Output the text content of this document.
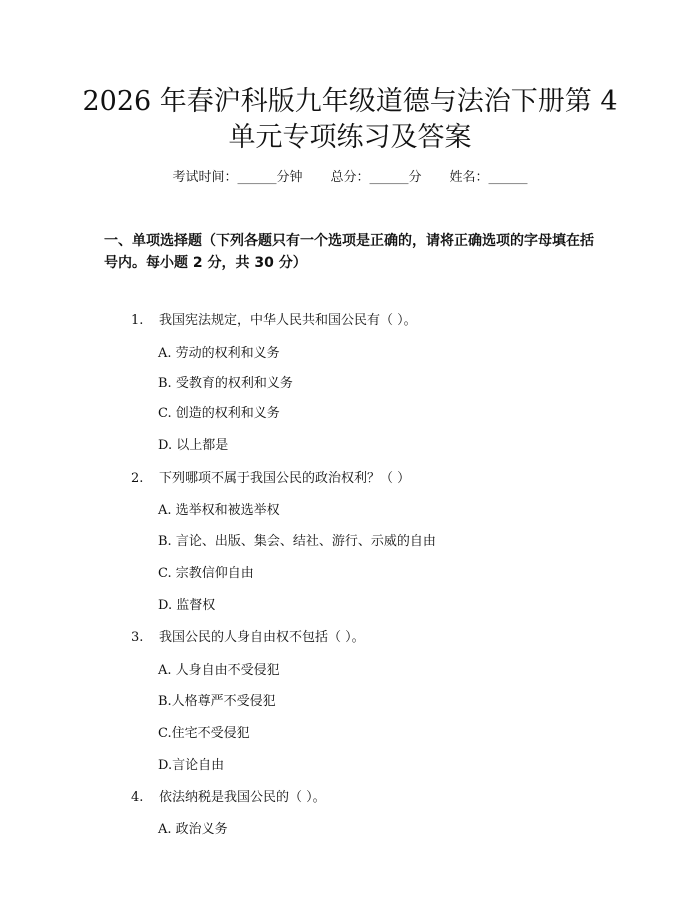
2026 年春沪科版九年级道德与法治下册第 4
单元专项练习及答案
考试时间：______分钟 总分：______分 姓名：______
一、单项选择题（下列各题只有一个选项是正确的，请将正确选项的字母填在括号内。每小题 2 分，共 30 分）
1. 我国宪法规定，中华人民共和国公民有（ ）。
A. 劳动的权利和义务
B. 受教育的权利和义务
C. 创造的权利和义务
D. 以上都是
2. 下列哪项不属于我国公民的政治权利？（ ）
A. 选举权和被选举权
B. 言论、出版、集会、结社、游行、示威的自由
C. 宗教信仰自由
D. 监督权
3. 我国公民的人身自由权不包括（ ）。
A. 人身自由不受侵犯
B.人格尊严不受侵犯
C.住宅不受侵犯
D.言论自由
4. 依法纳税是我国公民的（ ）。
A. 政治义务
